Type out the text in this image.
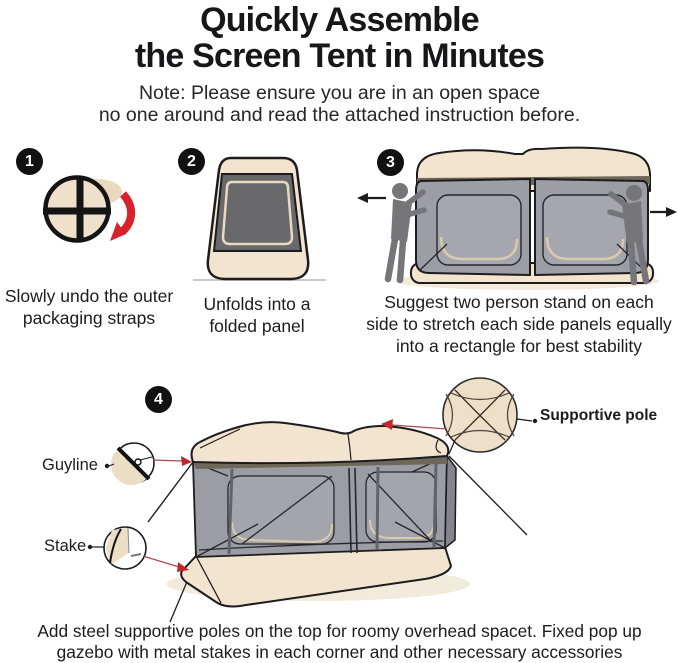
Quickly Assemble
the Screen Tent in Minutes
Note: Please ensure you are in an open space
no one around and read the attached instruction before.
1	2	3
4
Slowly undo the outer
packaging straps
Unfolds into a
folded panel
Suggest two person stand on each
side to stretch each side panels equally
into a rectangle for best stability
Supportive pole
Guyline
Stake
Add steel supportive poles on the top for roomy overhead spacet. Fixed pop up
gazebo with metal stakes in each corner and other necessary accessories
